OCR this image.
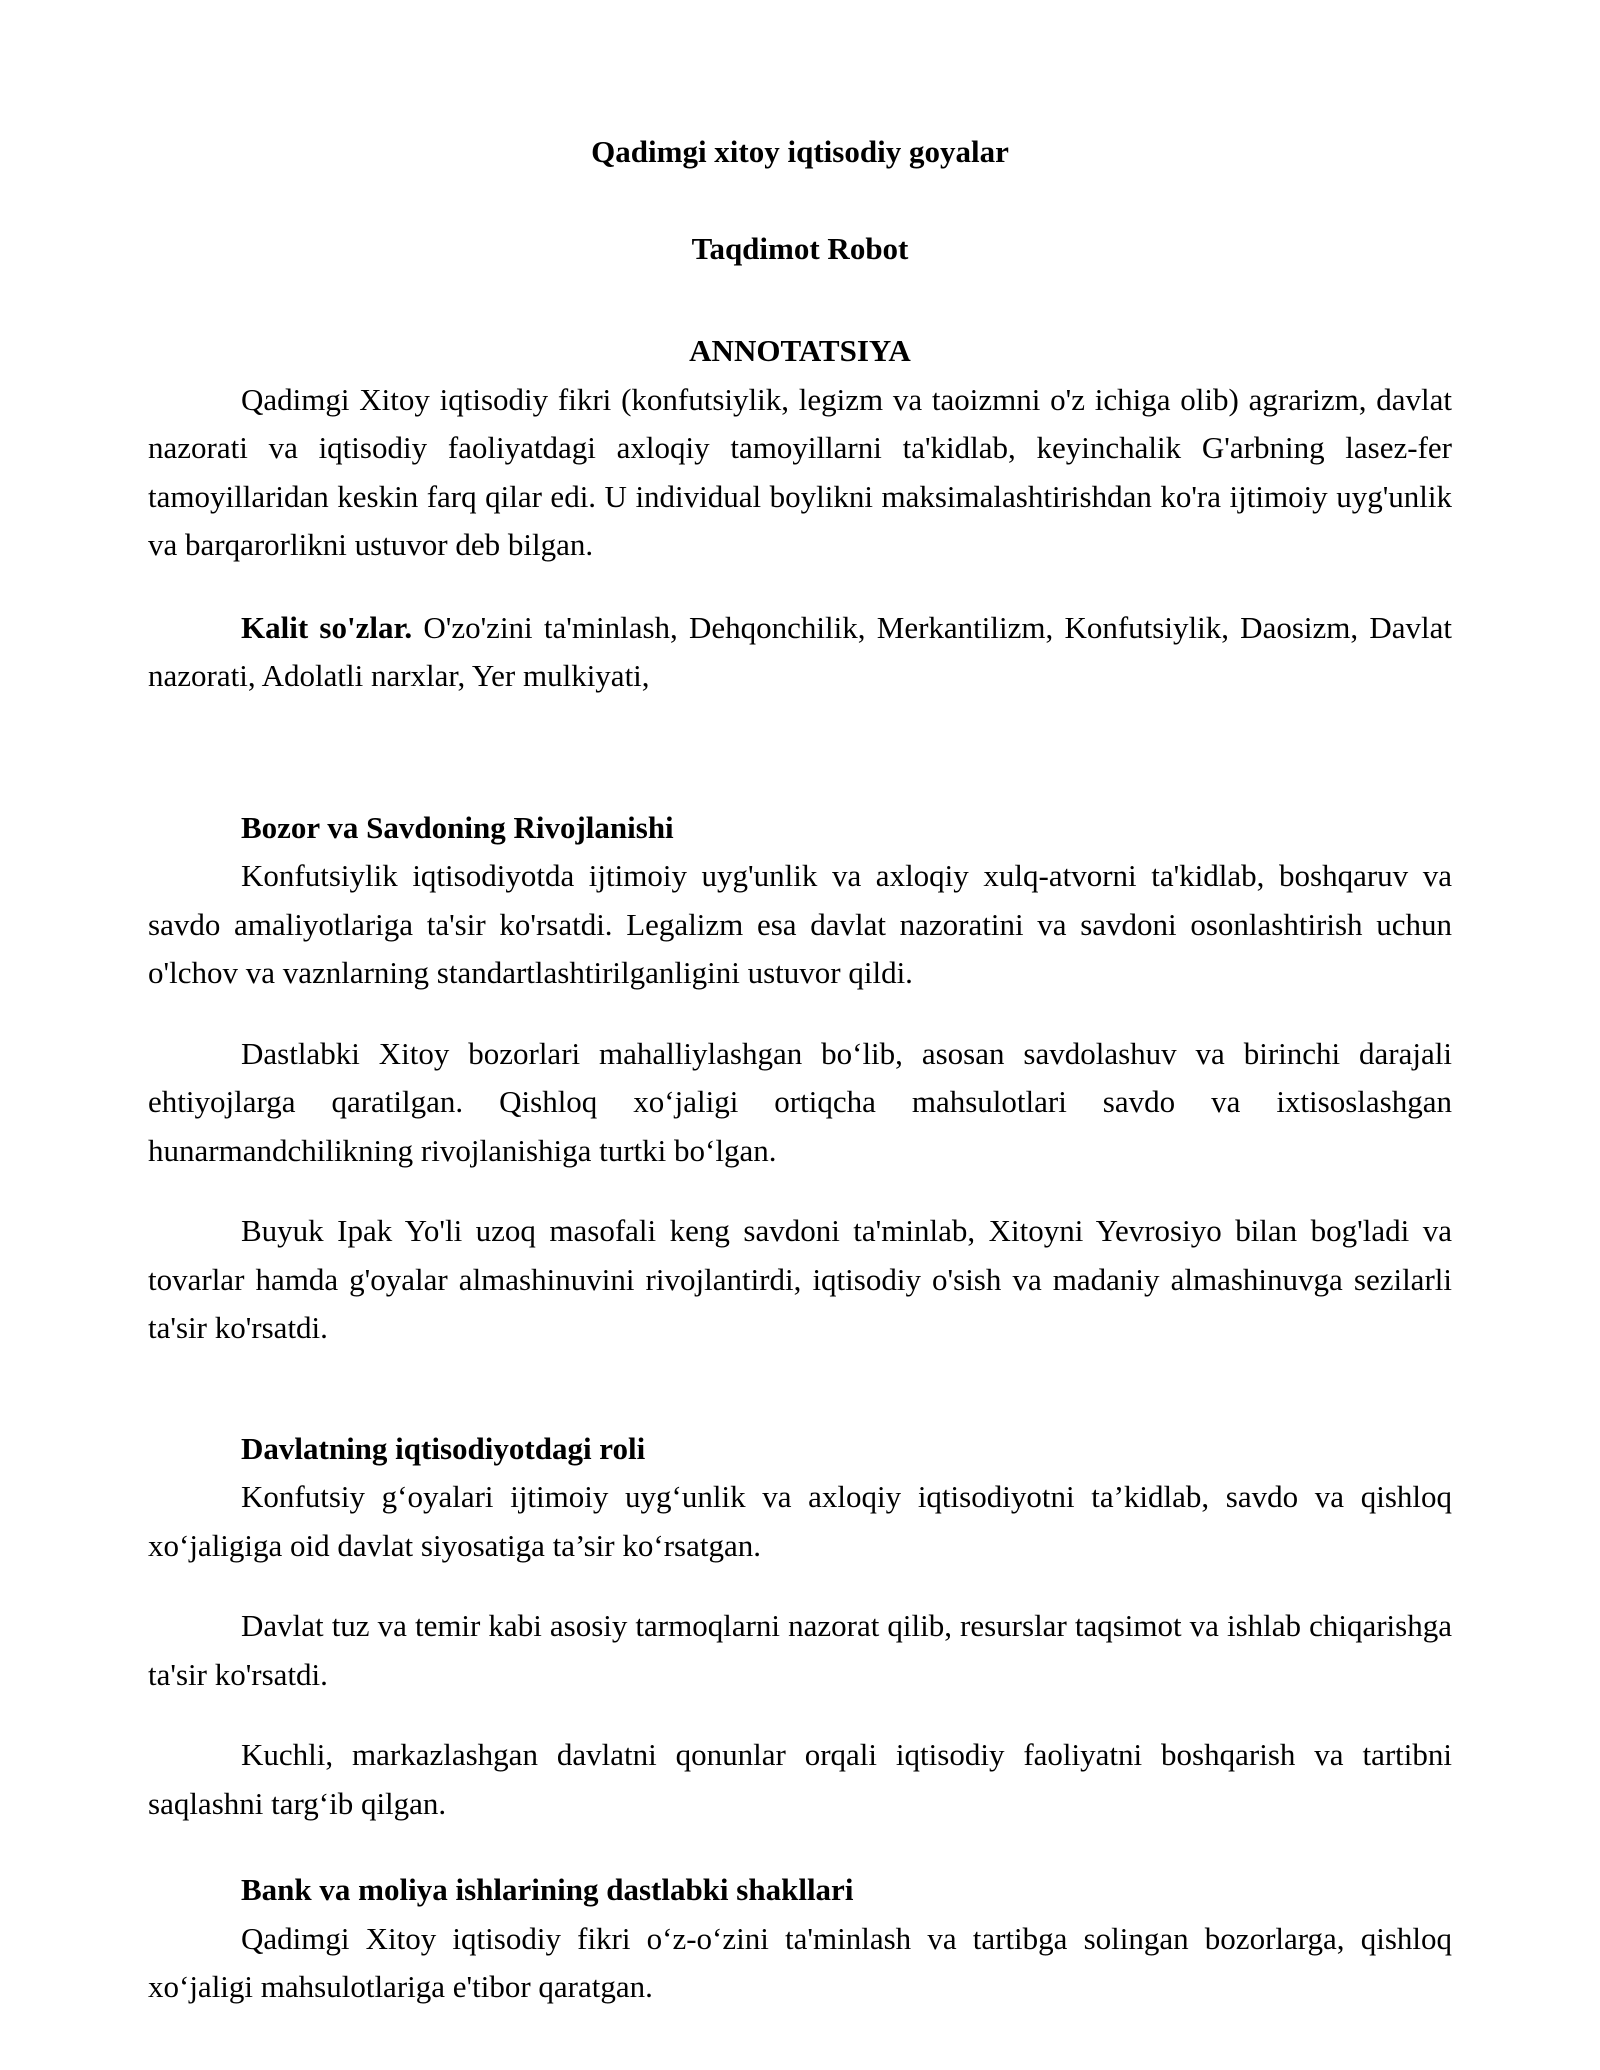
Qadimgi xitoy iqtisodiy goyalar
Taqdimot Robot
ANNOTATSIYA

Qadimgi Xitoy iqtisodiy fikri (konfutsiylik, legizm va taoizmni o'z ichiga olib) agrarizm, davlat nazorati va iqtisodiy faoliyatdagi axloqiy tamoyillarni ta'kidlab, keyinchalik G'arbning lasez-fer tamoyillaridan keskin farq qilar edi. U individual boylikni maksimalashtirishdan ko'ra ijtimoiy uyg'unlik va barqarorlikni ustuvor deb bilgan.

Kalit so'zlar. O'zo'zini ta'minlash, Dehqonchilik, Merkantilizm, Konfutsiylik, Daosizm, Davlat nazorati, Adolatli narxlar, Yer mulkiyati,

Bozor va Savdoning Rivojlanishi

Konfutsiylik iqtisodiyotda ijtimoiy uyg'unlik va axloqiy xulq-atvorni ta'kidlab, boshqaruv va savdo amaliyotlariga ta'sir ko'rsatdi. Legalizm esa davlat nazoratini va savdoni osonlashtirish uchun o'lchov va vaznlarning standartlashtirilganligini ustuvor qildi.

Dastlabki Xitoy bozorlari mahalliylashgan bo‘lib, asosan savdolashuv va birinchi darajali ehtiyojlarga qaratilgan. Qishloq xo‘jaligi ortiqcha mahsulotlari savdo va ixtisoslashgan hunarmandchilikning rivojlanishiga turtki bo‘lgan.

Buyuk Ipak Yo'li uzoq masofali keng savdoni ta'minlab, Xitoyni Yevrosiyo bilan bog'ladi va tovarlar hamda g'oyalar almashinuvini rivojlantirdi, iqtisodiy o'sish va madaniy almashinuvga sezilarli ta'sir ko'rsatdi.

Davlatning iqtisodiyotdagi roli

Konfutsiy g‘oyalari ijtimoiy uyg‘unlik va axloqiy iqtisodiyotni ta’kidlab, savdo va qishloq xo‘jaligiga oid davlat siyosatiga ta’sir ko‘rsatgan.

Davlat tuz va temir kabi asosiy tarmoqlarni nazorat qilib, resurslar taqsimot va ishlab chiqarishga ta'sir ko'rsatdi.

Kuchli, markazlashgan davlatni qonunlar orqali iqtisodiy faoliyatni boshqarish va tartibni saqlashni targ‘ib qilgan.

Bank va moliya ishlarining dastlabki shakllari

Qadimgi Xitoy iqtisodiy fikri o‘z-o‘zini ta'minlash va tartibga solingan bozorlarga, qishloq xo‘jaligi mahsulotlariga e'tibor qaratgan.
